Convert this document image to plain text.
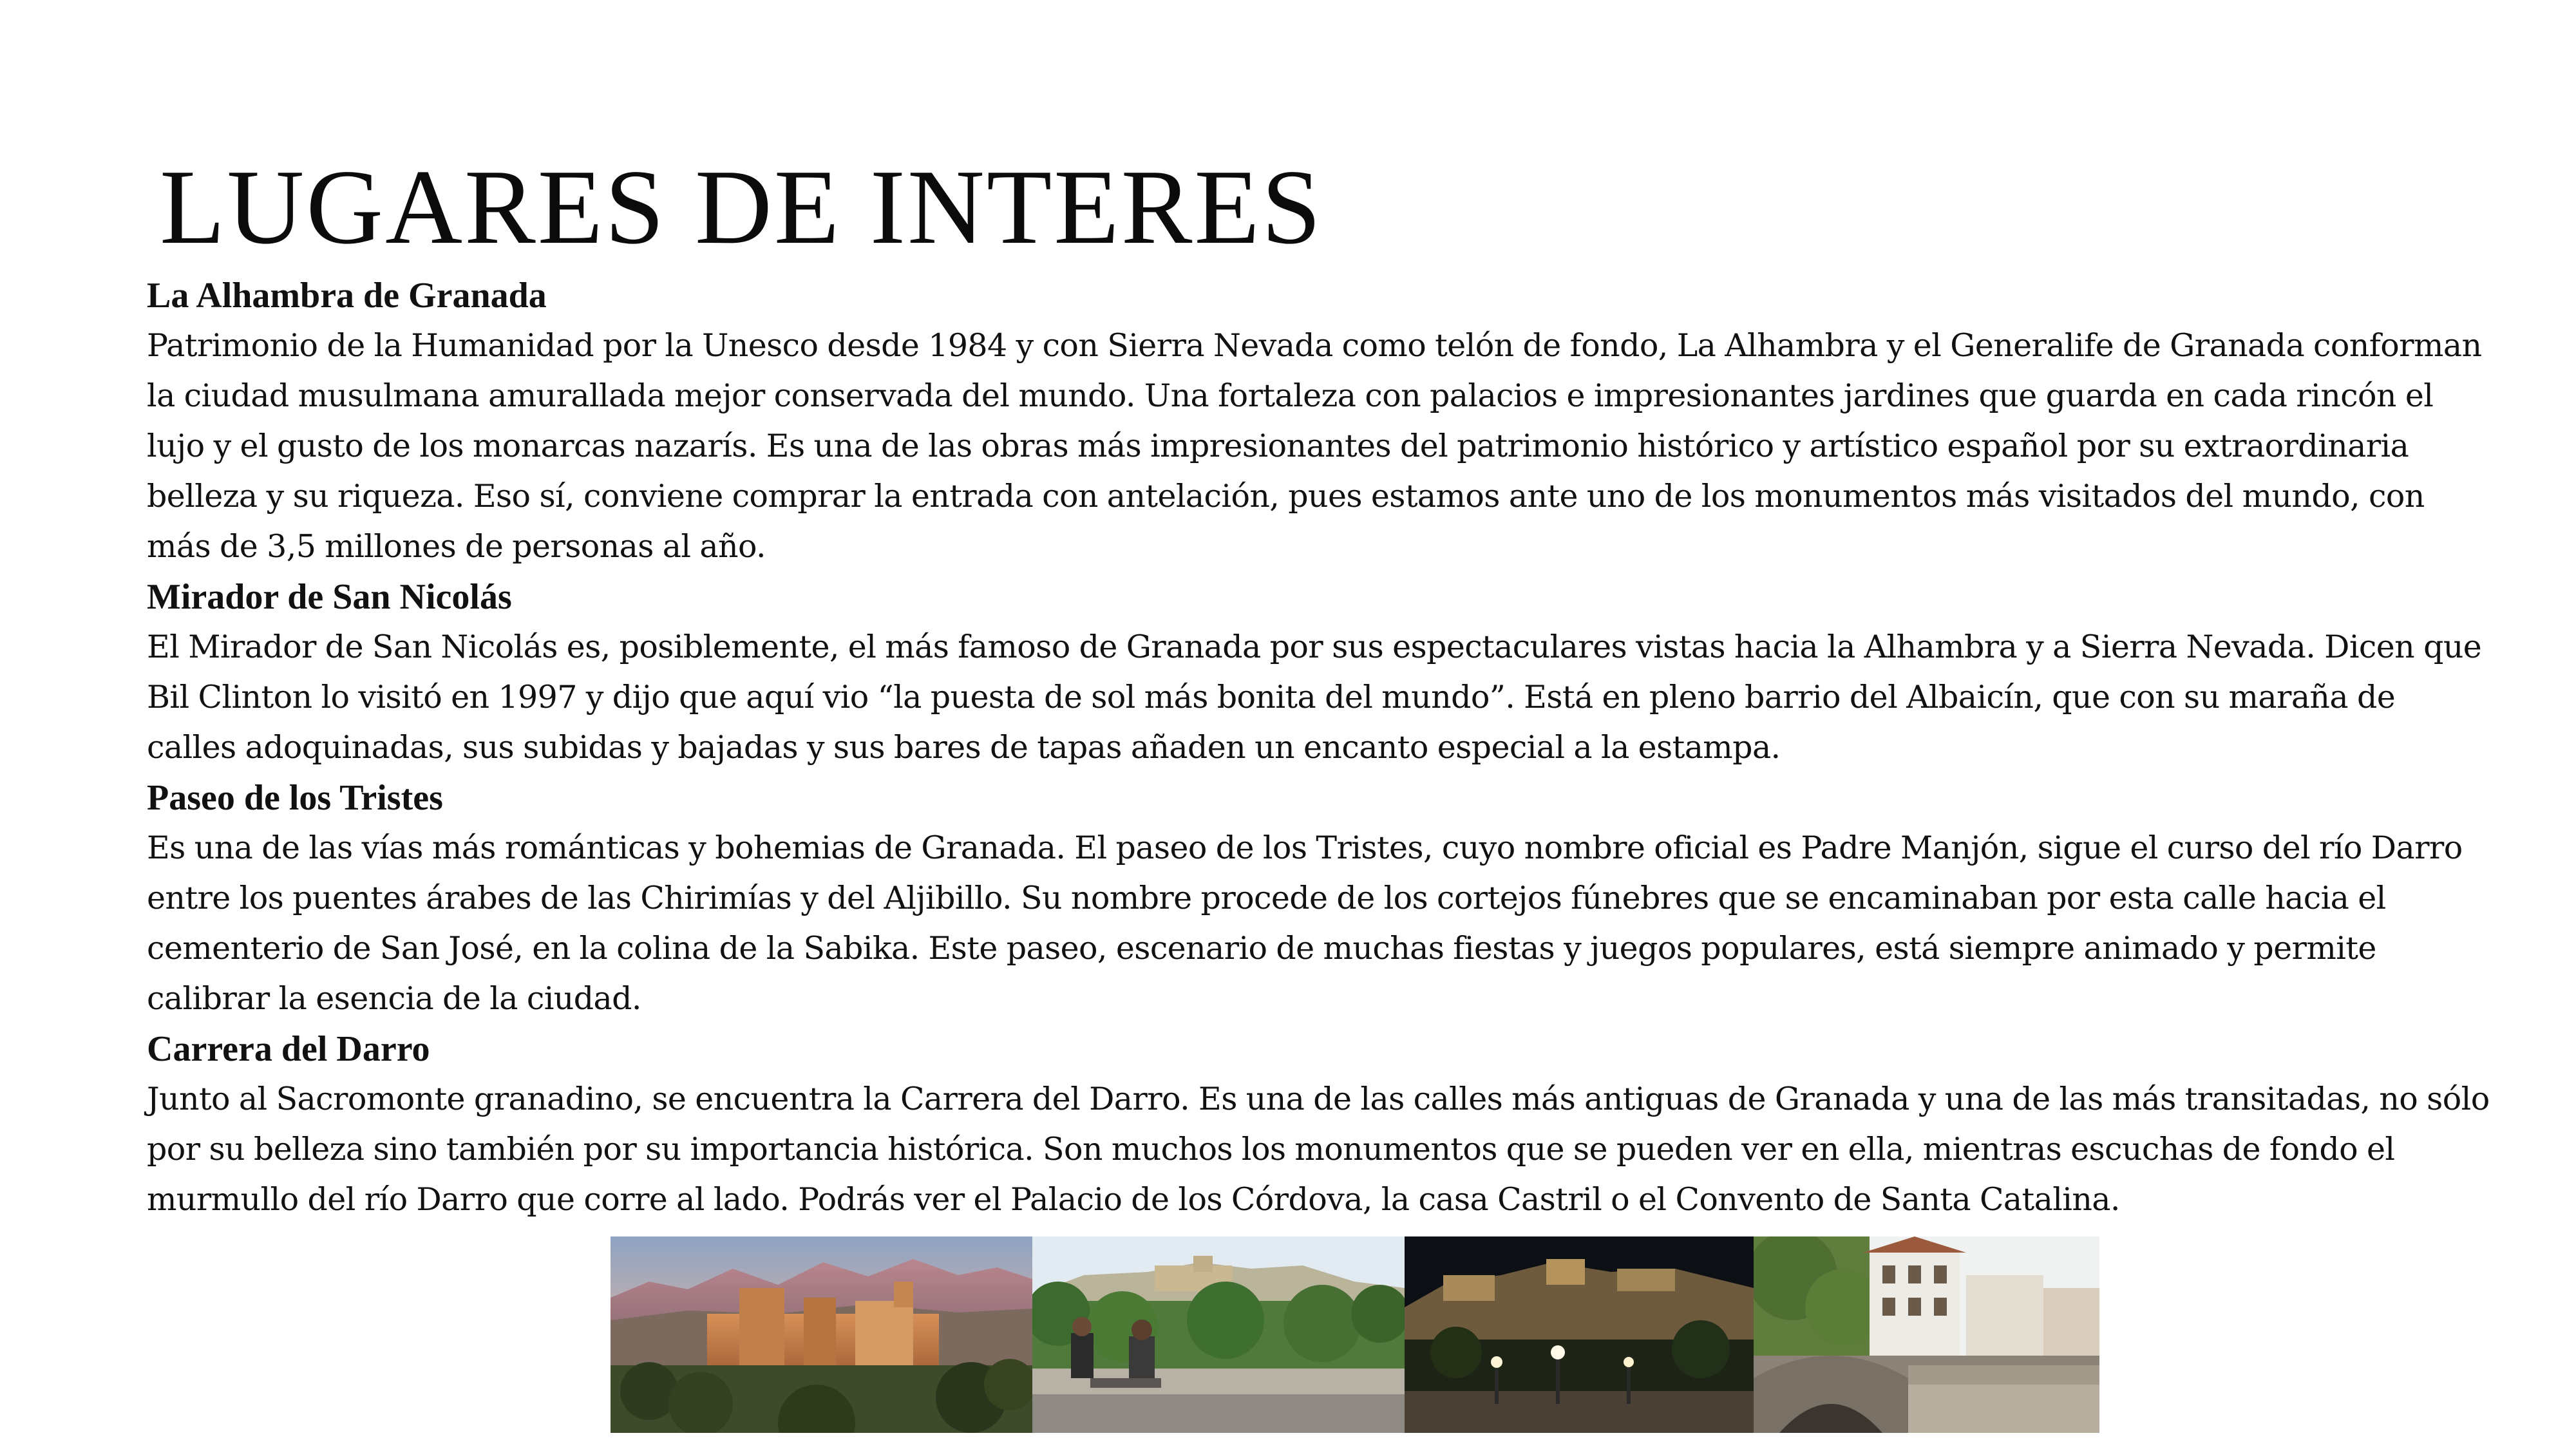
LUGARES DE INTERES
La Alhambra de Granada

Patrimonio de la Humanidad por la Unesco desde 1984 y con Sierra Nevada como telón de fondo, La Alhambra y el Generalife de Granada conforman la ciudad musulmana amurallada mejor conservada del mundo. Una fortaleza con palacios e impresionantes jardines que guarda en cada rincón el lujo y el gusto de los monarcas nazarís. Es una de las obras más impresionantes del patrimonio histórico y artístico español por su extraordinaria belleza y su riqueza. Eso sí, conviene comprar la entrada con antelación, pues estamos ante uno de los monumentos más visitados del mundo, con más de 3,5 millones de personas al año.

Mirador de San Nicolás

El Mirador de San Nicolás es, posiblemente, el más famoso de Granada por sus espectaculares vistas hacia la Alhambra y a Sierra Nevada. Dicen que Bil Clinton lo visitó en 1997 y dijo que aquí vio “la puesta de sol más bonita del mundo”. Está en pleno barrio del Albaicín, que con su maraña de calles adoquinadas, sus subidas y bajadas y sus bares de tapas añaden un encanto especial a la estampa.

Paseo de los Tristes

Es una de las vías más románticas y bohemias de Granada. El paseo de los Tristes, cuyo nombre oficial es Padre Manjón, sigue el curso del río Darro entre los puentes árabes de las Chirimías y del Aljibillo. Su nombre procede de los cortejos fúnebres que se encaminaban por esta calle hacia el cementerio de San José, en la colina de la Sabika. Este paseo, escenario de muchas fiestas y juegos populares, está siempre animado y permite calibrar la esencia de la ciudad.

Carrera del Darro

Junto al Sacromonte granadino, se encuentra la Carrera del Darro. Es una de las calles más antiguas de Granada y una de las más transitadas, no sólo por su belleza sino también por su importancia histórica. Son muchos los monumentos que se pueden ver en ella, mientras escuchas de fondo el murmullo del río Darro que corre al lado. Podrás ver el Palacio de los Córdova, la casa Castril o el Convento de Santa Catalina.
